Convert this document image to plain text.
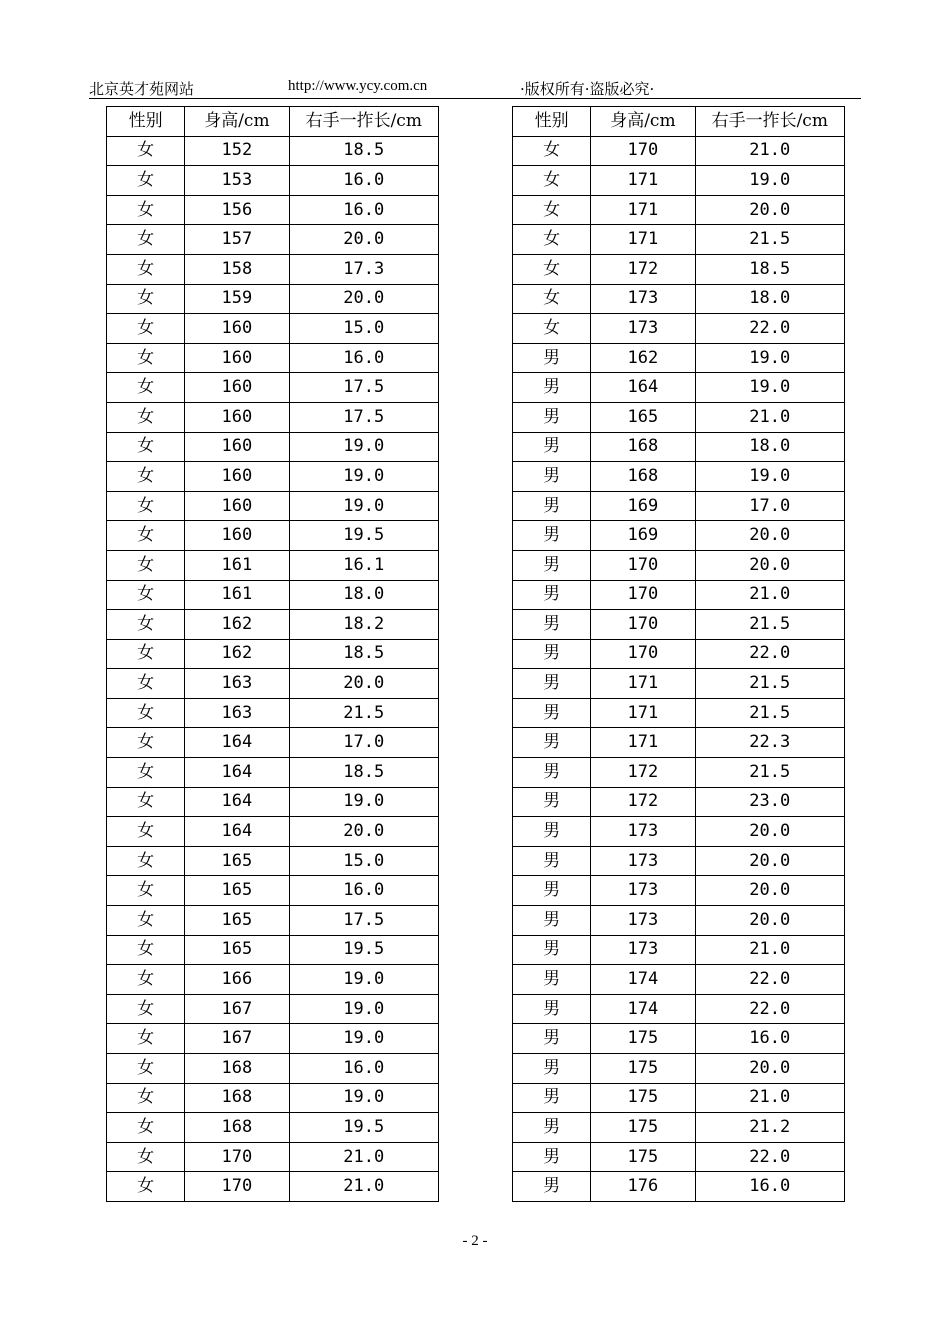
北京英才苑网站	http://www.ycy.com.cn	·版权所有·盗版必究·
性别	身高/cm	右手一拃长/cm
女	152	18.5
女	153	16.0
女	156	16.0
女	157	20.0
女	158	17.3
女	159	20.0
女	160	15.0
女	160	16.0
女	160	17.5
女	160	17.5
女	160	19.0
女	160	19.0
女	160	19.0
女	160	19.5
女	161	16.1
女	161	18.0
女	162	18.2
女	162	18.5
女	163	20.0
女	163	21.5
女	164	17.0
女	164	18.5
女	164	19.0
女	164	20.0
女	165	15.0
女	165	16.0
女	165	17.5
女	165	19.5
女	166	19.0
女	167	19.0
女	167	19.0
女	168	16.0
女	168	19.0
女	168	19.5
女	170	21.0
女	170	21.0
性别	身高/cm	右手一拃长/cm
女	170	21.0
女	171	19.0
女	171	20.0
女	171	21.5
女	172	18.5
女	173	18.0
女	173	22.0
男	162	19.0
男	164	19.0
男	165	21.0
男	168	18.0
男	168	19.0
男	169	17.0
男	169	20.0
男	170	20.0
男	170	21.0
男	170	21.5
男	170	22.0
男	171	21.5
男	171	21.5
男	171	22.3
男	172	21.5
男	172	23.0
男	173	20.0
男	173	20.0
男	173	20.0
男	173	20.0
男	173	21.0
男	174	22.0
男	174	22.0
男	175	16.0
男	175	20.0
男	175	21.0
男	175	21.2
男	175	22.0
男	176	16.0
- 2 -
